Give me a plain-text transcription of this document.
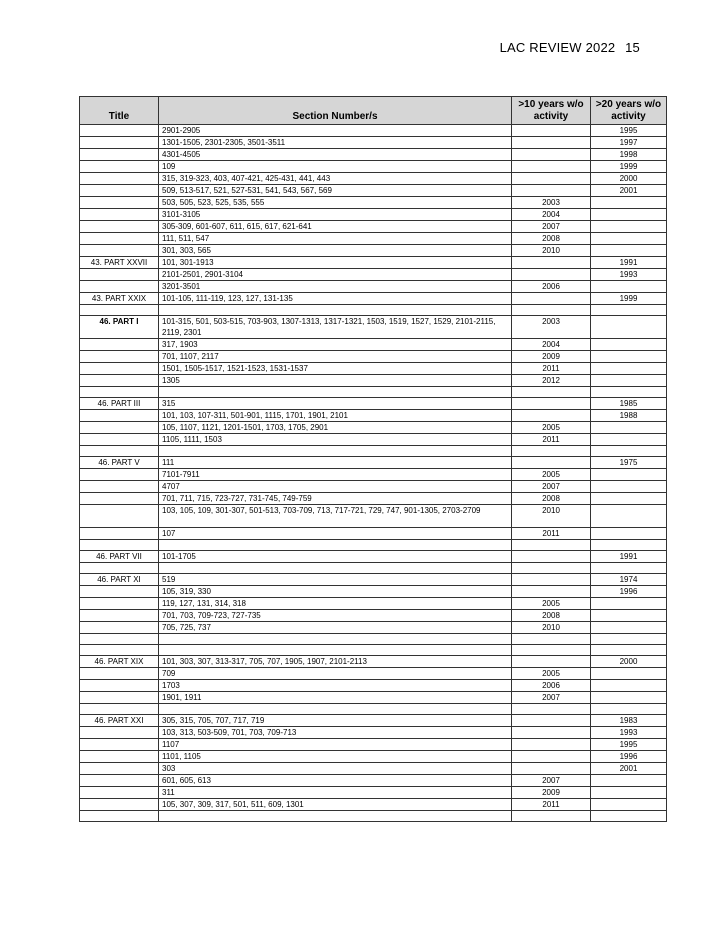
LAC REVIEW 2022 15
Title	Section Number/s	>10 years w/o activity	>20 years w/o activity
	2901-2905		1995
	1301-1505, 2301-2305, 3501-3511		1997
	4301-4505		1998
	109		1999
	315, 319-323, 403, 407-421, 425-431, 441, 443		2000
	509, 513-517, 521, 527-531, 541, 543, 567, 569		2001
	503, 505, 523, 525, 535, 555	2003	
	3101-3105	2004	
	305-309, 601-607, 611, 615, 617, 621-641	2007	
	111, 511, 547	2008	
	301, 303, 565	2010	
43. PART XXVII	101, 301-1913		1991
	2101-2501, 2901-3104		1993
	3201-3501	2006	
43. PART XXIX	101-105, 111-119, 123, 127, 131-135		1999

46. PART I	101-315, 501, 503-515, 703-903, 1307-1313, 1317-1321, 1503, 1519, 1527, 1529, 2101-2115, 2119, 2301	2003	
	317, 1903	2004	
	701, 1107, 2117	2009	
	1501, 1505-1517, 1521-1523, 1531-1537	2011	
	1305	2012	

46. PART III	315		1985
	101, 103, 107-311, 501-901, 1115, 1701, 1901, 2101		1988
	105, 1107, 1121, 1201-1501, 1703, 1705, 2901	2005	
	1105, 1111, 1503	2011	

46. PART V	111		1975
	7101-7911	2005	
	4707	2007	
	701, 711, 715, 723-727, 731-745, 749-759	2008	
	103, 105, 109, 301-307, 501-513, 703-709, 713, 717-721, 729, 747, 901-1305, 2703-2709	2010	
	107	2011	

46. PART VII	101-1705		1991

46. PART XI	519		1974
	105, 319, 330		1996
	119, 127, 131, 314, 318	2005	
	701, 703, 709-723, 727-735	2008	
	705, 725, 737	2010	

46. PART XIX	101, 303, 307, 313-317, 705, 707, 1905, 1907, 2101-2113		2000
	709	2005	
	1703	2006	
	1901, 1911	2007	

46. PART XXI	305, 315, 705, 707, 717, 719		1983
	103, 313, 503-509, 701, 703, 709-713		1993
	1107		1995
	1101, 1105		1996
	303		2001
	601, 605, 613	2007	
	311	2009	
	105, 307, 309, 317, 501, 511, 609, 1301	2011	
